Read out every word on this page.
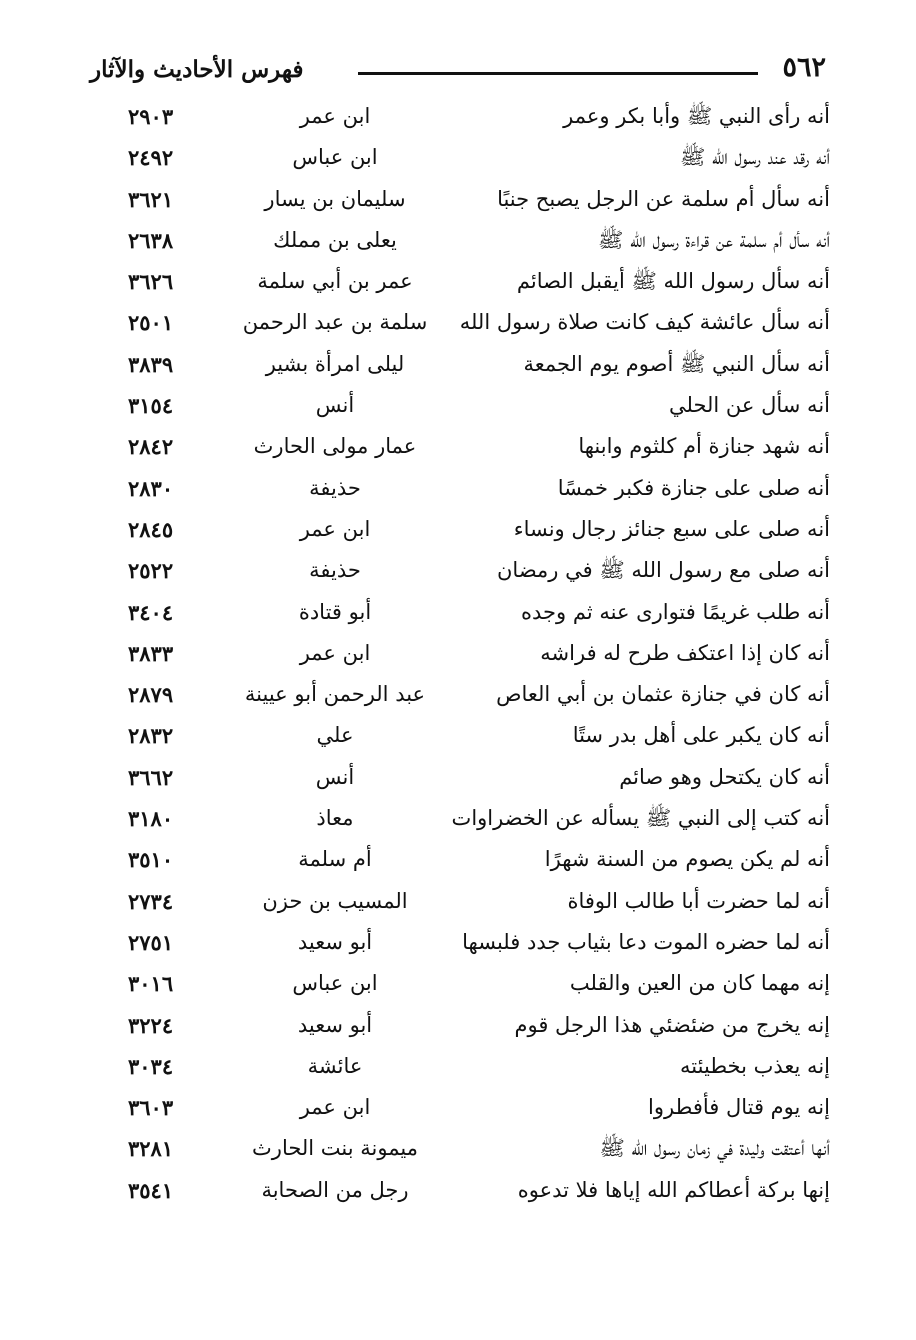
٥٦٢
فهرس الأحاديث والآثار
أنه رأى النبي ﷺ وأبا بكر وعمر
ابن عمر
٢٩٠٣
أنه رقد عند رسول الله ﷺ
ابن عباس
٢٤٩٢
أنه سأل أم سلمة عن الرجل يصبح جنبًا
سليمان بن يسار
٣٦٢١
أنه سأل أم سلمة عن قراءة رسول الله ﷺ
يعلى بن مملك
٢٦٣٨
أنه سأل رسول الله ﷺ أيقبل الصائم
عمر بن أبي سلمة
٣٦٢٦
أنه سأل عائشة كيف كانت صلاة رسول الله
سلمة بن عبد الرحمن
٢٥٠١
أنه سأل النبي ﷺ أصوم يوم الجمعة
ليلى امرأة بشير
٣٨٣٩
أنه سأل عن الحلي
أنس
٣١٥٤
أنه شهد جنازة أم كلثوم وابنها
عمار مولى الحارث
٢٨٤٢
أنه صلى على جنازة فكبر خمسًا
حذيفة
٢٨٣٠
أنه صلى على سبع جنائز رجال ونساء
ابن عمر
٢٨٤٥
أنه صلى مع رسول الله ﷺ في رمضان
حذيفة
٢٥٢٢
أنه طلب غريمًا فتوارى عنه ثم وجده
أبو قتادة
٣٤٠٤
أنه كان إذا اعتكف طرح له فراشه
ابن عمر
٣٨٣٣
أنه كان في جنازة عثمان بن أبي العاص
عبد الرحمن أبو عيينة
٢٨٧٩
أنه كان يكبر على أهل بدر ستًا
علي
٢٨٣٢
أنه كان يكتحل وهو صائم
أنس
٣٦٦٢
أنه كتب إلى النبي ﷺ يسأله عن الخضراوات
معاذ
٣١٨٠
أنه لم يكن يصوم من السنة شهرًا
أم سلمة
٣٥١٠
أنه لما حضرت أبا طالب الوفاة
المسيب بن حزن
٢٧٣٤
أنه لما حضره الموت دعا بثياب جدد فلبسها
أبو سعيد
٢٧٥١
إنه مهما كان من العين والقلب
ابن عباس
٣٠١٦
إنه يخرج من ضئضئي هذا الرجل قوم
أبو سعيد
٣٢٢٤
إنه يعذب بخطيئته
عائشة
٣٠٣٤
إنه يوم قتال فأفطروا
ابن عمر
٣٦٠٣
أنها أعتقت وليدة في زمان رسول الله ﷺ
ميمونة بنت الحارث
٣٢٨١
إنها بركة أعطاكم الله إياها فلا تدعوه
رجل من الصحابة
٣٥٤١
